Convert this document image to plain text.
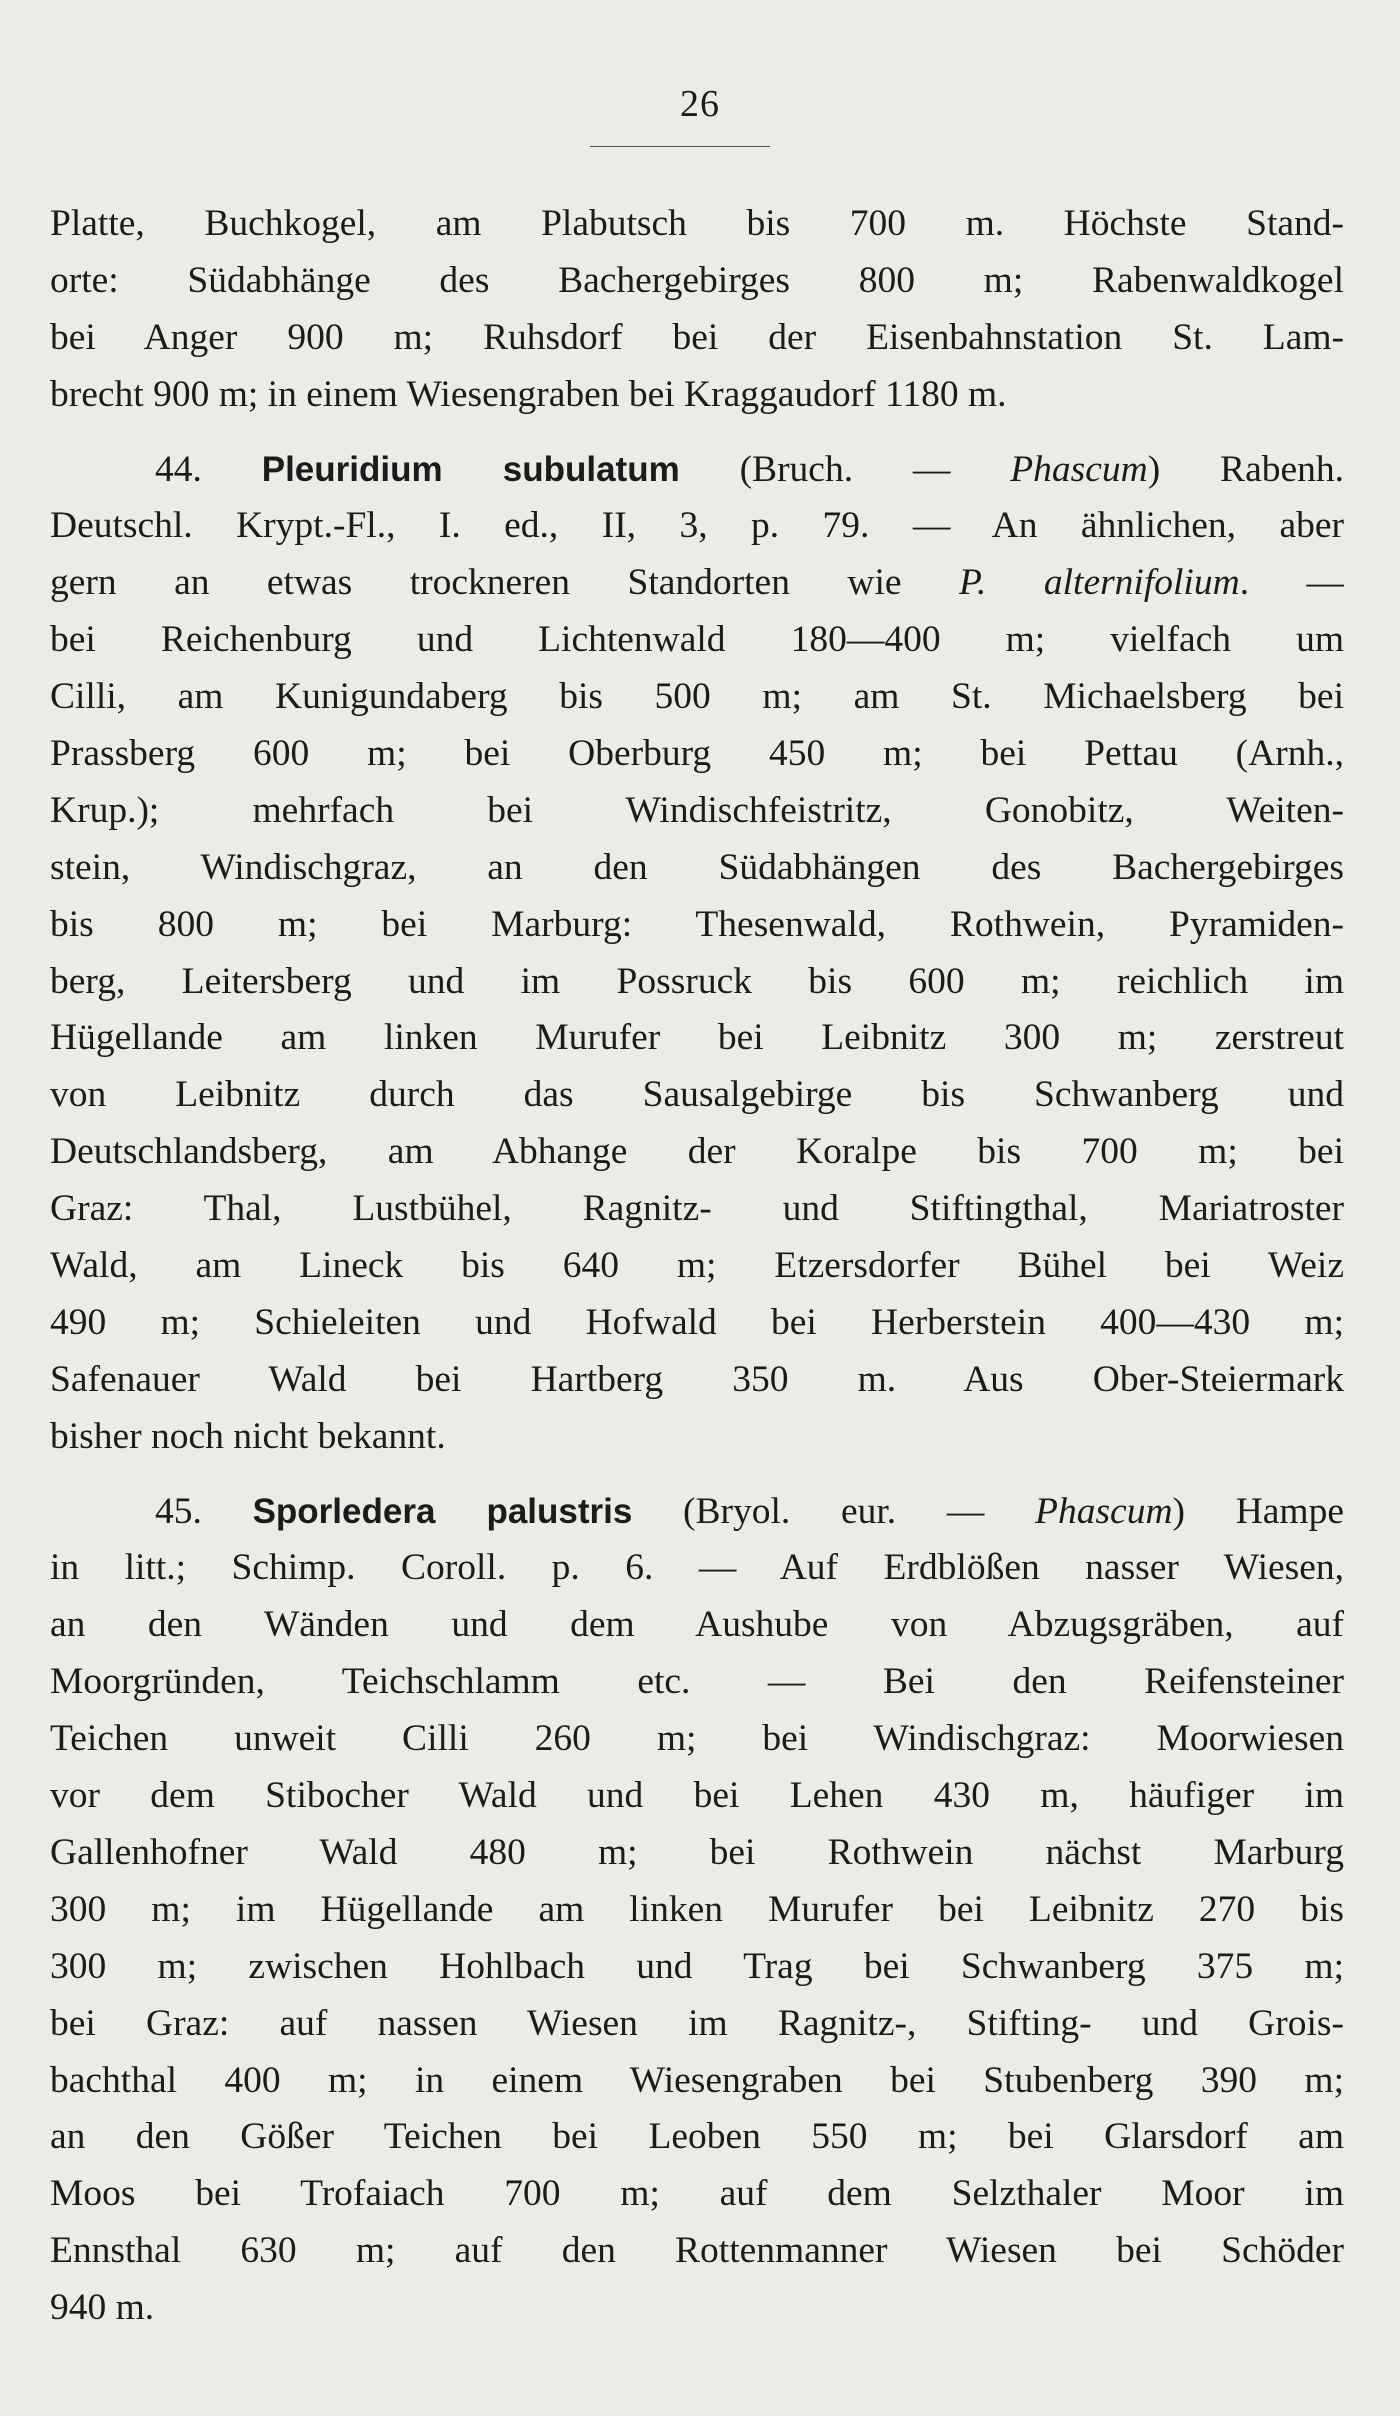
26
Platte, Buchkogel, am Plabutsch bis 700 m. Höchste Stand-
orte: Südabhänge des Bachergebirges 800 m; Rabenwaldkogel
bei Anger 900 m; Ruhsdorf bei der Eisenbahnstation St. Lam-
brecht 900 m; in einem Wiesengraben bei Kraggaudorf 1180 m.
44. Pleuridium subulatum (Bruch. — Phascum) Rabenh.
Deutschl. Krypt.-Fl., I. ed., II, 3, p. 79. — An ähnlichen, aber
gern an etwas trockneren Standorten wie P. alternifolium. —
bei Reichenburg und Lichtenwald 180—400 m; vielfach um
Cilli, am Kunigundaberg bis 500 m; am St. Michaelsberg bei
Prassberg 600 m; bei Oberburg 450 m; bei Pettau (Arnh.,
Krup.); mehrfach bei Windischfeistritz, Gonobitz, Weiten-
stein, Windischgraz, an den Südabhängen des Bachergebirges
bis 800 m; bei Marburg: Thesenwald, Rothwein, Pyramiden-
berg, Leitersberg und im Possruck bis 600 m; reichlich im
Hügellande am linken Murufer bei Leibnitz 300 m; zerstreut
von Leibnitz durch das Sausalgebirge bis Schwanberg und
Deutschlandsberg, am Abhange der Koralpe bis 700 m; bei
Graz: Thal, Lustbühel, Ragnitz- und Stiftingthal, Mariatroster
Wald, am Lineck bis 640 m; Etzersdorfer Bühel bei Weiz
490 m; Schieleiten und Hofwald bei Herberstein 400—430 m;
Safenauer Wald bei Hartberg 350 m. Aus Ober-Steiermark
bisher noch nicht bekannt.
45. Sporledera palustris (Bryol. eur. — Phascum) Hampe
in litt.; Schimp. Coroll. p. 6. — Auf Erdblößen nasser Wiesen,
an den Wänden und dem Aushube von Abzugsgräben, auf
Moorgründen, Teichschlamm etc. — Bei den Reifensteiner
Teichen unweit Cilli 260 m; bei Windischgraz: Moorwiesen
vor dem Stibocher Wald und bei Lehen 430 m, häufiger im
Gallenhofner Wald 480 m; bei Rothwein nächst Marburg
300 m; im Hügellande am linken Murufer bei Leibnitz 270 bis
300 m; zwischen Hohlbach und Trag bei Schwanberg 375 m;
bei Graz: auf nassen Wiesen im Ragnitz-, Stifting- und Grois-
bachthal 400 m; in einem Wiesengraben bei Stubenberg 390 m;
an den Gößer Teichen bei Leoben 550 m; bei Glarsdorf am
Moos bei Trofaiach 700 m; auf dem Selzthaler Moor im
Ennsthal 630 m; auf den Rottenmanner Wiesen bei Schöder
940 m.
